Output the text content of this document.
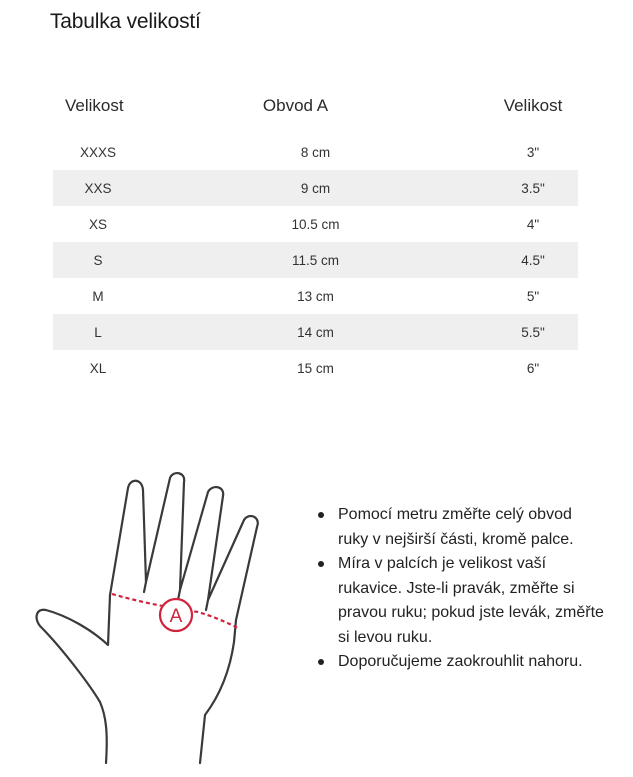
Tabulka velikostí
Velikost	Obvod A	Velikost
XXXS	8 cm	3"
XXS	9 cm	3.5"
XS	10.5 cm	4"
S	11.5 cm	4.5"
M	13 cm	5"
L	14 cm	5.5"
XL	15 cm	6"
A
Pomocí metru změřte celý obvod ruky v nejširší části, kromě palce.
Míra v palcích je velikost vaší rukavice. Jste-li pravák, změřte si pravou ruku; pokud jste levák, změřte si levou ruku.
Doporučujeme zaokrouhlit nahoru.
